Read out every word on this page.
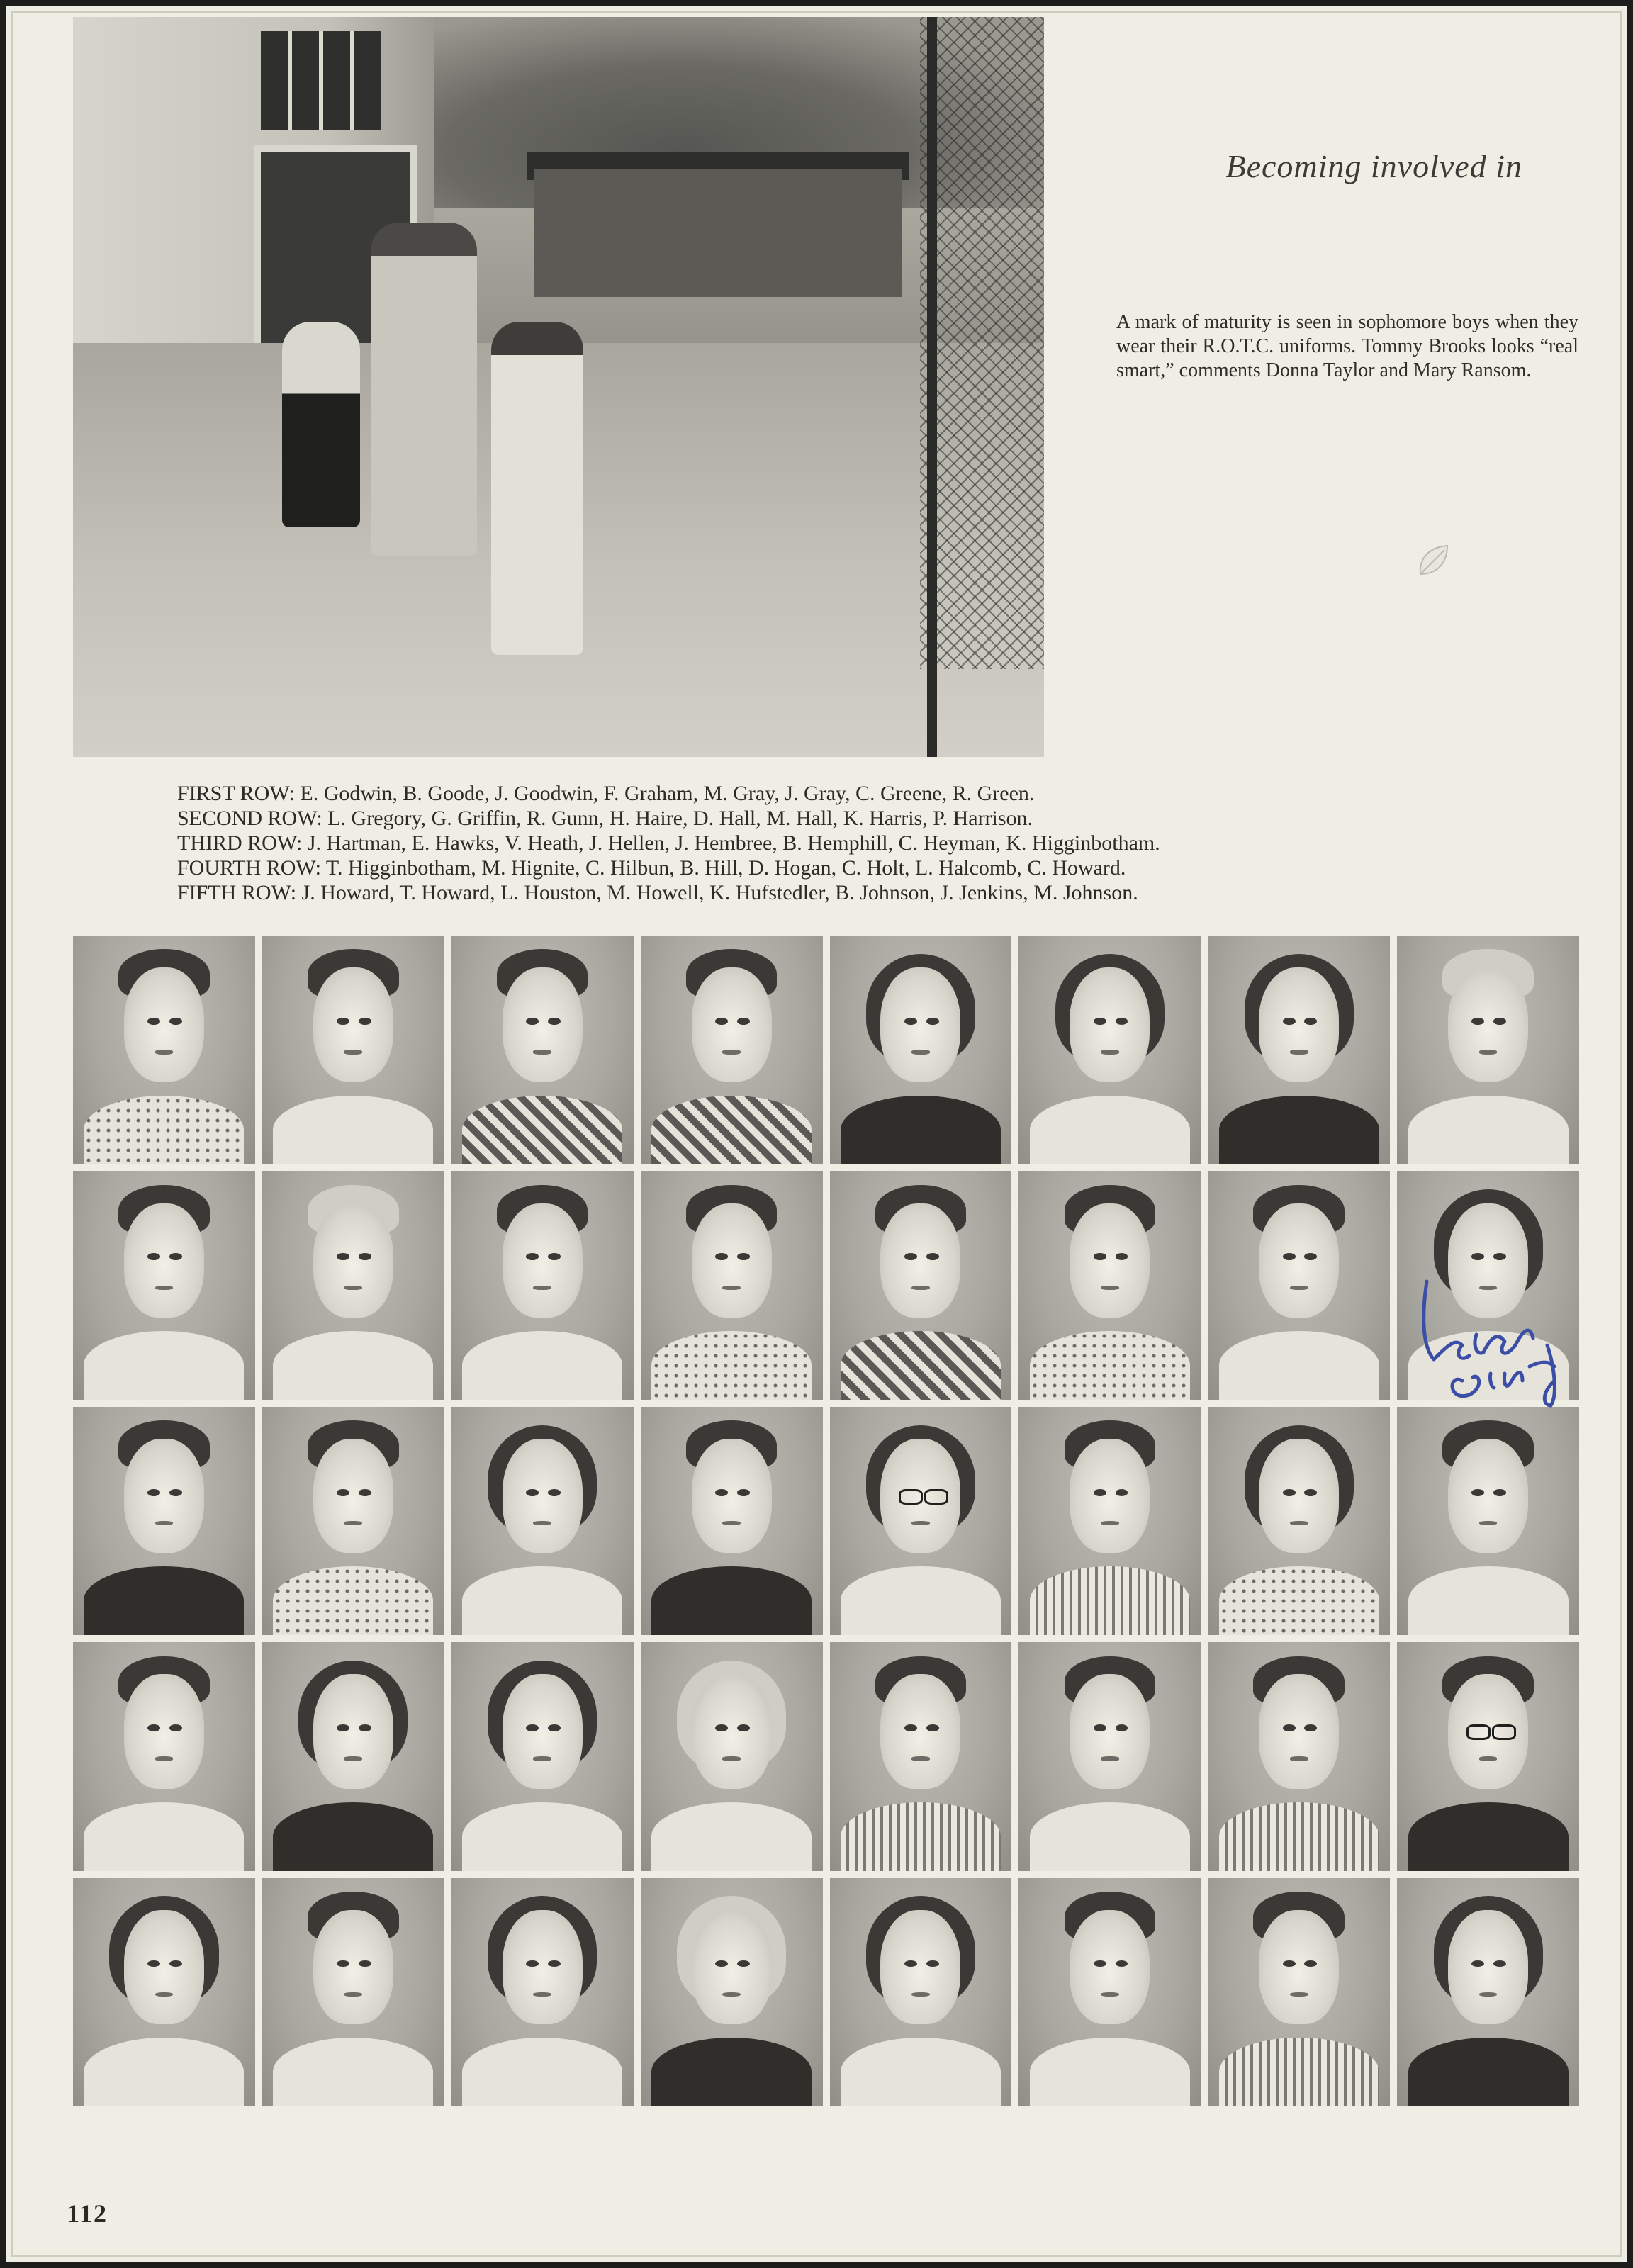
Becoming involved in

A mark of maturity is seen in sophomore boys when they wear their R.O.T.C. uniforms. Tommy Brooks looks “real smart,” comments Donna Taylor and Mary Ransom.

FIRST ROW: E. Godwin, B. Goode, J. Goodwin, F. Graham, M. Gray, J. Gray, C. Greene, R. Green.
SECOND ROW: L. Gregory, G. Griffin, R. Gunn, H. Haire, D. Hall, M. Hall, K. Harris, P. Harrison.
THIRD ROW: J. Hartman, E. Hawks, V. Heath, J. Hellen, J. Hembree, B. Hemphill, C. Heyman, K. Higginbotham.
FOURTH ROW: T. Higginbotham, M. Hignite, C. Hilbun, B. Hill, D. Hogan, C. Holt, L. Halcomb, C. Howard.
FIFTH ROW: J. Howard, T. Howard, L. Houston, M. Howell, K. Hufstedler, B. Johnson, J. Jenkins, M. Johnson.

112
